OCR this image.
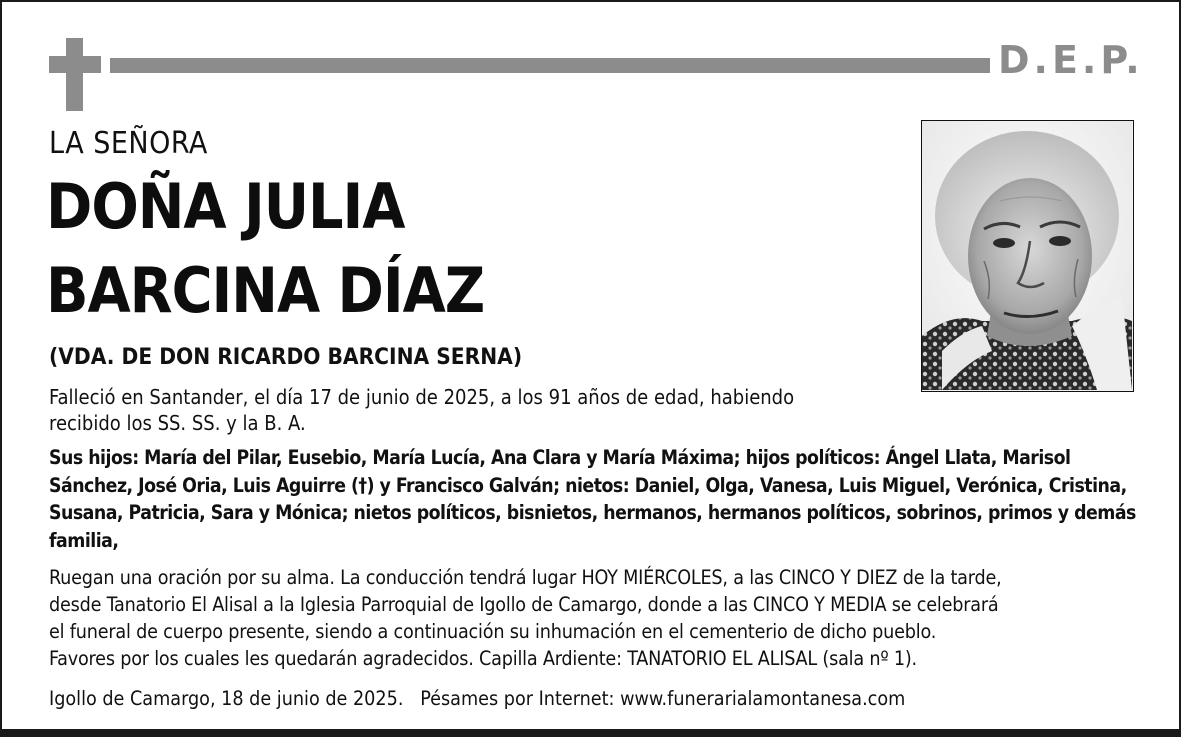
D.E.P.
LA SEÑORA
DOÑA JULIA
BARCINA DÍAZ
(VDA. DE DON RICARDO BARCINA SERNA)
Falleció en Santander, el día 17 de junio de 2025, a los 91 años de edad, habiendo recibido los SS. SS. y la B. A.
Sus hijos: María del Pilar, Eusebio, María Lucía, Ana Clara y María Máxima; hijos políticos: Ángel Llata, Marisol Sánchez, José Oria, Luis Aguirre (†) y Francisco Galván; nietos: Daniel, Olga, Vanesa, Luis Miguel, Verónica, Cristina, Susana, Patricia, Sara y Mónica; nietos políticos, bisnietos, hermanos, hermanos políticos, sobrinos, primos y demás familia,

Ruegan una oración por su alma. La conducción tendrá lugar HOY MIÉRCOLES, a las CINCO Y DIEZ de la tarde,

desde Tanatorio El Alisal a la Iglesia Parroquial de Igollo de Camargo, donde a las CINCO Y MEDIA se celebrará

el funeral de cuerpo presente, siendo a continuación su inhumación en el cementerio de dicho pueblo.

Favores por los cuales les quedarán agradecidos. Capilla Ardiente: TANATORIO EL ALISAL (sala nº 1).

Igollo de Camargo, 18 de junio de 2025.   Pésames por Internet: www.funerarialamontanesa.com
